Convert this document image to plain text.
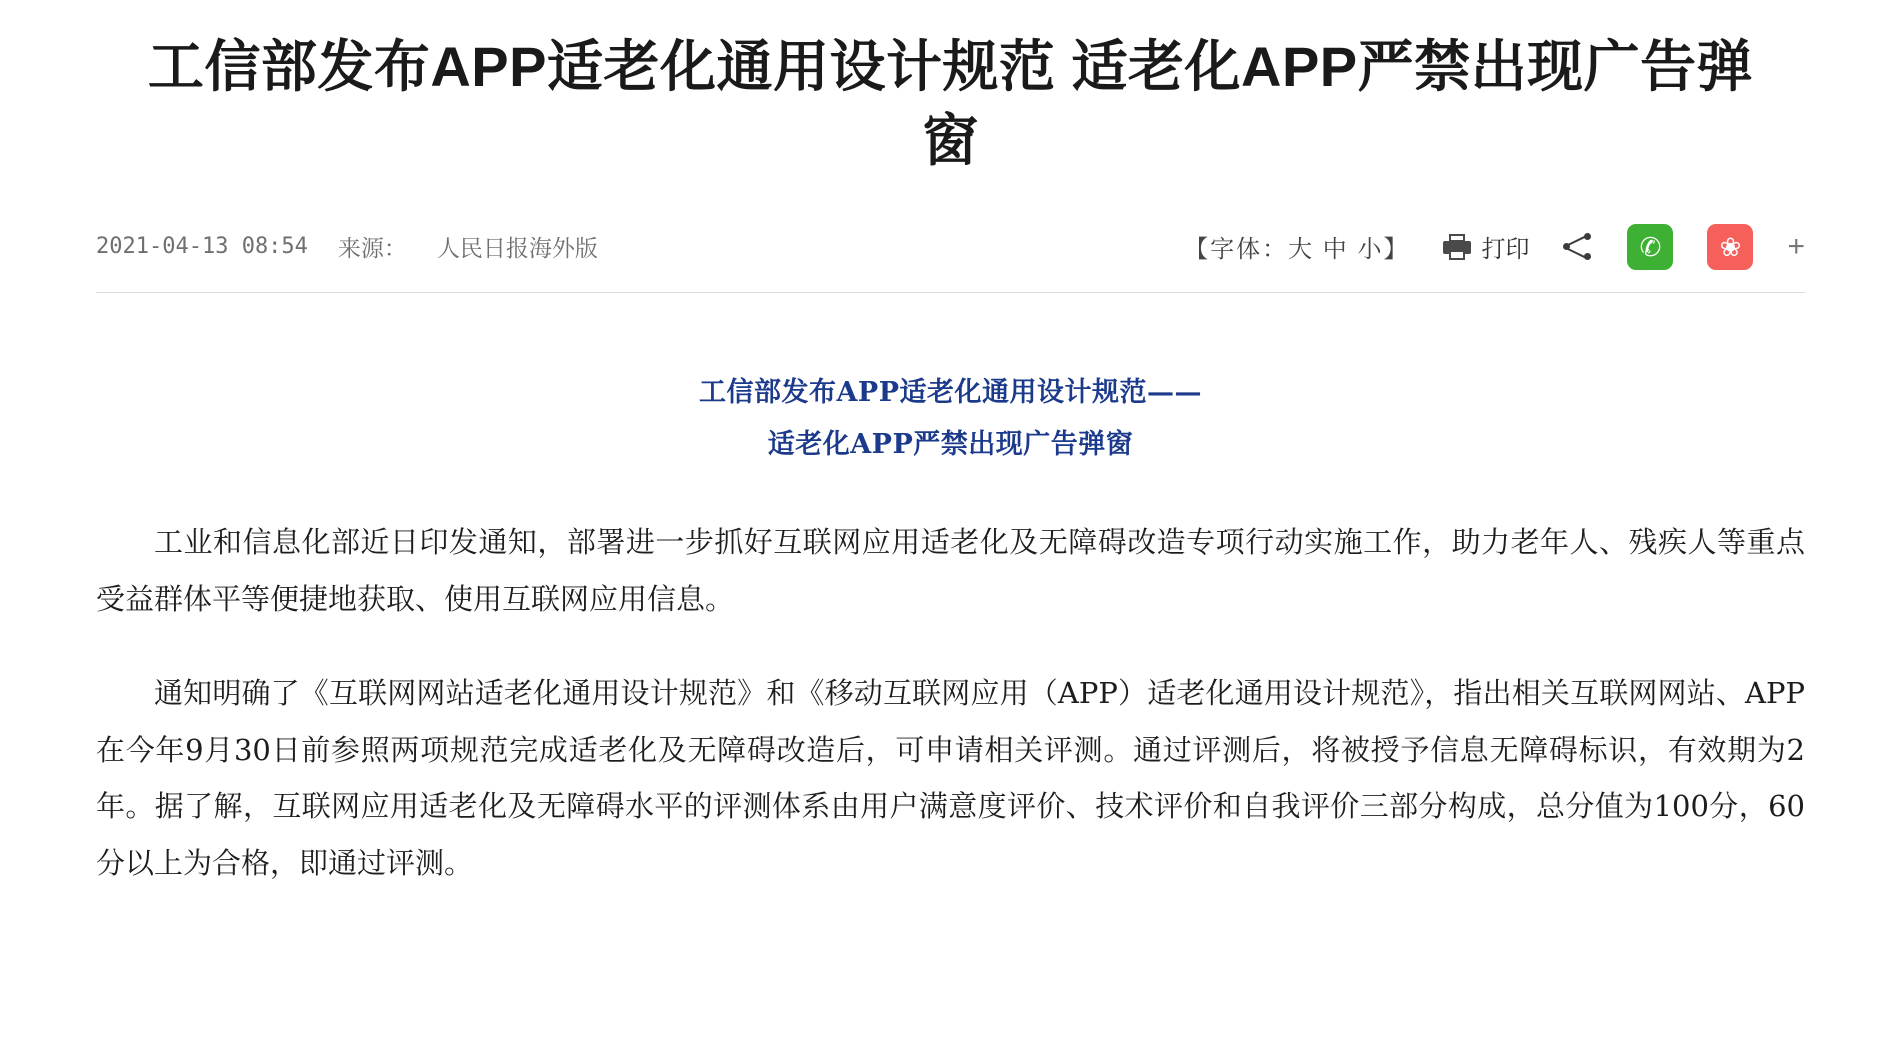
工信部发布APP适老化通用设计规范 适老化APP严禁出现广告弹窗
2021-04-13 08:54 来源： 人民日报海外版	【字体：大 中 小】	打印	✆ ❀ +
工信部发布APP适老化通用设计规范——
适老化APP严禁出现广告弹窗

工业和信息化部近日印发通知，部署进一步抓好互联网应用适老化及无障碍改造专项行动实施工作，助力老年人、残疾人等重点受益群体平等便捷地获取、使用互联网应用信息。

通知明确了《互联网网站适老化通用设计规范》和《移动互联网应用（APP）适老化通用设计规范》，指出相关互联网网站、APP在今年9月30日前参照两项规范完成适老化及无障碍改造后，可申请相关评测。通过评测后，将被授予信息无障碍标识，有效期为2年。据了解，互联网应用适老化及无障碍水平的评测体系由用户满意度评价、技术评价和自我评价三部分构成，总分值为100分，60分以上为合格，即通过评测。
